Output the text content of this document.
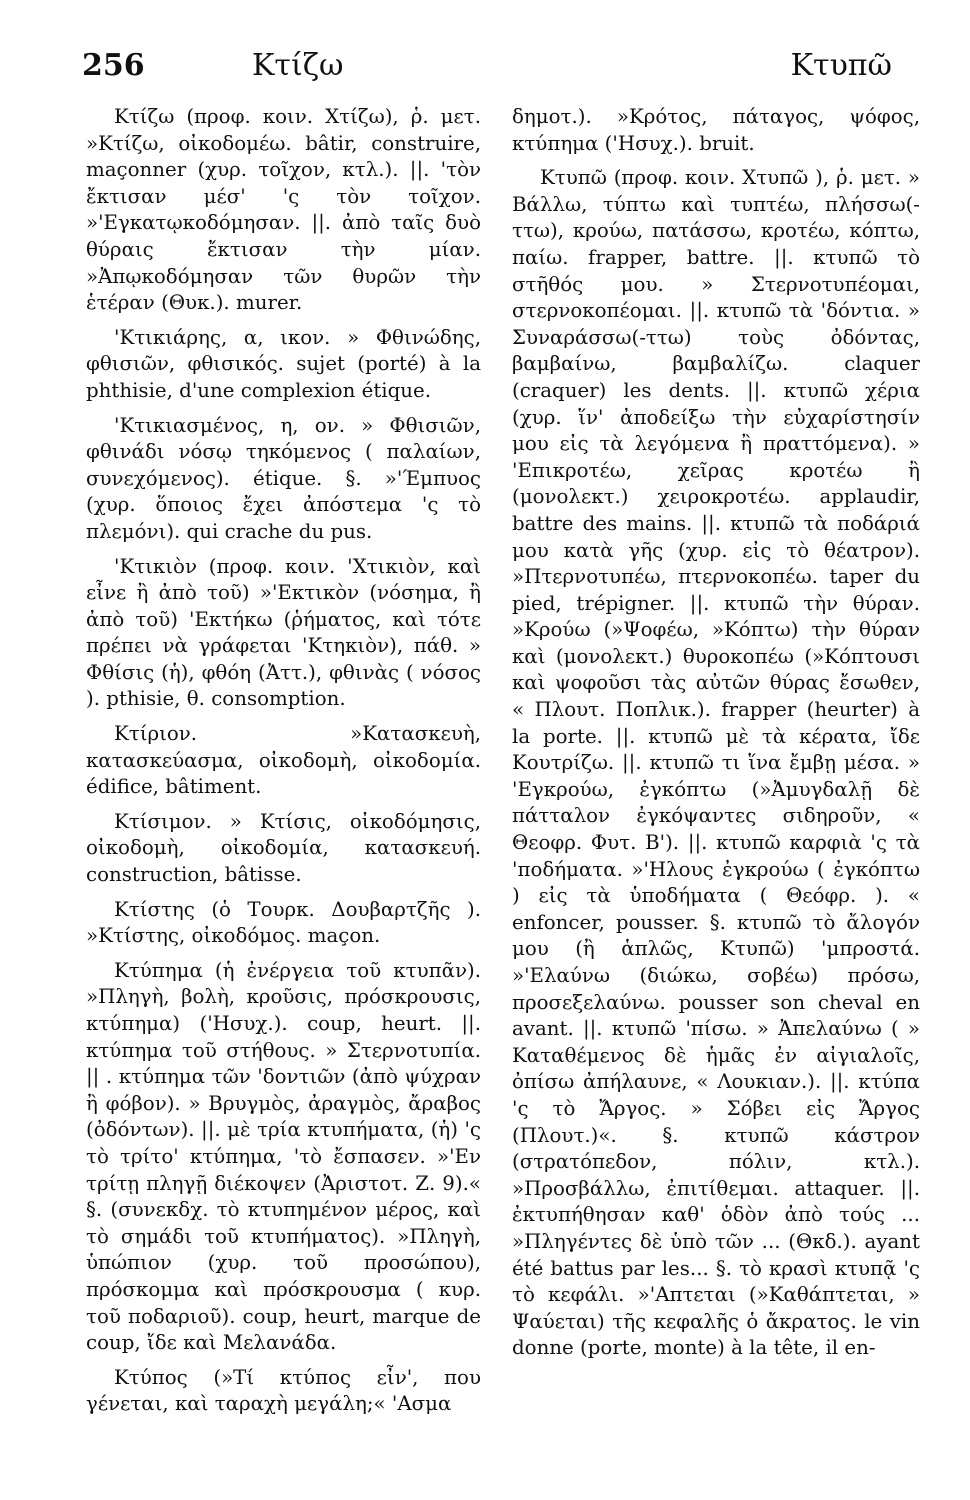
256	Κτίζω	Κτυπῶ

Κτίζω (προφ. κοιν. Χτίζω), ῥ. μετ. »Κτίζω, οἰκοδομέω. bâtir, construire, maçonner (χυρ. τοῖχον, κτλ.). ||. 'τὸν ἔκτισαν μέσ' 'ς τὸν τοῖχον. »'Εγκατῳκοδόμησαν. ||. ἀπὸ ταῖς δυὸ θύραις ἔκτισαν τὴν μίαν. »Ἀπῳκοδόμησαν τῶν θυρῶν τὴν ἑτέραν (Θυκ.). murer.

'Κτικιάρης, α, ικον. » Φθινώδης, φθισιῶν, φθισικός. sujet (porté) à la phthisie, d'une complexion étique.

'Κτικιασμένος, η, ον. » Φθισιῶν, φθινάδι νόσῳ τηκόμενος ( παλαίων, συνεχόμενος). étique. §. »'Έμπυος (χυρ. ὅποιος ἔχει ἀπόστεμα 'ς τὸ πλεμόνι). qui crache du pus.

'Κτικιὸν (προφ. κοιν. 'Χτικιὸν, καὶ εἶνε ἢ ἀπὸ τοῦ) »'Εκτικὸν (νόσημα, ἢ ἀπὸ τοῦ) 'Εκτήκω (ῥήματος, καὶ τότε πρέπει νὰ γράφεται 'Κτηκιὸν), πάθ. » Φθίσις (ἡ), φθόη (Ἀττ.), φθινὰς ( νόσος ). pthisie, θ. consomption.

Κτίριον. »Κατασκευὴ, κατασκεύασμα, οἰκοδομὴ, οἰκοδομία. édifice, bâtiment.

Κτίσιμον. » Κτίσις, οἰκοδόμησις, οἰκοδομὴ, οἰκοδομία, κατασκευή. construction, bâtisse.

Κτίστης (ὁ Τουρκ. Δουβαρτζῆς ). »Κτίστης, οἰκοδόμος. maçon.

Κτύπημα (ἡ ἐνέργεια τοῦ κτυπᾶν). »Πληγὴ, βολὴ, κροῦσις, πρόσκρουσις, κτύπημα) ('Ησυχ.). coup, heurt. ||. κτύπημα τοῦ στήθους. » Στερνοτυπία. || . κτύπημα τῶν 'δοντιῶν (ἀπὸ ψύχραν ἢ φόβον). » Βρυγμὸς, ἀραγμὸς, ἄραβος (ὀδόντων). ||. μὲ τρία κτυπήματα, (ἡ) 'ς τὸ τρίτο' κτύπημα, 'τὸ ἔσπασεν. »'Εν τρίτῃ πληγῇ διέκοψεν (Ἀριστοτ. Ζ. 9).« §. (συνεκδχ. τὸ κτυπημένον μέρος, καὶ τὸ σημάδι τοῦ κτυπήματος). »Πληγὴ, ὑπώπιον (χυρ. τοῦ προσώπου), πρόσκομμα καὶ πρόσκρουσμα ( κυρ. τοῦ ποδαριοῦ). coup, heurt, marque de coup, ἴδε καὶ Μελανάδα.

Κτύπος (»Τί κτύπος εἶν', που γένεται, καὶ ταραχὴ μεγάλη;« 'Ασμα

δημοτ.). »Κρότος, πάταγος, ψόφος, κτύπημα ('Ησυχ.). bruit.

Κτυπῶ (προφ. κοιν. Χτυπῶ ), ῥ. μετ. » Βάλλω, τύπτω καὶ τυπτέω, πλήσσω(-ττω), κρούω, πατάσσω, κροτέω, κόπτω, παίω. frapper, battre. ||. κτυπῶ τὸ στῆθός μου. » Στερνοτυπέομαι, στερνοκοπέομαι. ||. κτυπῶ τὰ 'δόντια. » Συναράσσω(-ττω) τοὺς ὀδόντας, βαμβαίνω, βαμβαλίζω. claquer (craquer) les dents. ||. κτυπῶ χέρια (χυρ. ἵν' ἀποδείξω τὴν εὐχαρίστησίν μου εἰς τὰ λεγόμενα ἢ πραττόμενα). » 'Επικροτέω, χεῖρας κροτέω ἢ (μονολεκτ.) χειροκροτέω. applaudir, battre des mains. ||. κτυπῶ τὰ ποδάριά μου κατὰ γῆς (χυρ. εἰς τὸ θέατρον). »Πτερνοτυπέω, πτερνοκοπέω. taper du pied, trépigner. ||. κτυπῶ τὴν θύραν. »Κρούω (»Ψοφέω, »Κόπτω) τὴν θύραν καὶ (μονολεκτ.) θυροκοπέω (»Κόπτουσι καὶ ψοφοῦσι τὰς αὐτῶν θύρας ἔσωθεν, « Πλουτ. Ποπλικ.). frapper (heurter) à la porte. ||. κτυπῶ μὲ τὰ κέρατα, ἴδε Κουτρίζω. ||. κτυπῶ τι ἵνα ἔμβῃ μέσα. » 'Εγκρούω, ἐγκόπτω (»Ἀμυγδαλῇ δὲ πάτταλον ἐγκόψαντες σιδηροῦν, « Θεοφρ. Φυτ. Β'). ||. κτυπῶ καρφιὰ 'ς τὰ 'ποδήματα. »'Ηλους ἐγκρούω ( ἐγκόπτω ) εἰς τὰ ὑποδήματα ( Θεόφρ. ). « enfoncer, pousser. §. κτυπῶ τὸ ἄλογόν μου (ἢ ἁπλῶς, Κτυπῶ) 'μπροστά. »'Ελαύνω (διώκω, σοβέω) πρόσω, προσεξελαύνω. pousser son cheval en avant. ||. κτυπῶ 'πίσω. » Ἀπελαύνω ( » Καταθέμενος δὲ ἡμᾶς ἐν αἰγιαλοῖς, ὀπίσω ἀπήλαυνε, « Λουκιαν.). ||. κτύπα 'ς τὸ Ἄργος. » Σόβει εἰς Ἄργος (Πλουτ.)«. §. κτυπῶ κάστρον (στρατόπεδον, πόλιν, κτλ.). »Προσβάλλω, ἐπιτίθεμαι. attaquer. ||. ἐκτυπήθησαν καθ' ὁδὸν ἀπὸ τούς ... »Πληγέντες δὲ ὑπὸ τῶν ... (Θκδ.). ayant été battus par les... §. τὸ κρασὶ κτυπᾷ 'ς τὸ κεφάλι. »'Απτεται (»Καθάπτεται, » Ψαύεται) τῆς κεφαλῆς ὁ ἄκρατος. le vin donne (porte, monte) à la tête, il en-
